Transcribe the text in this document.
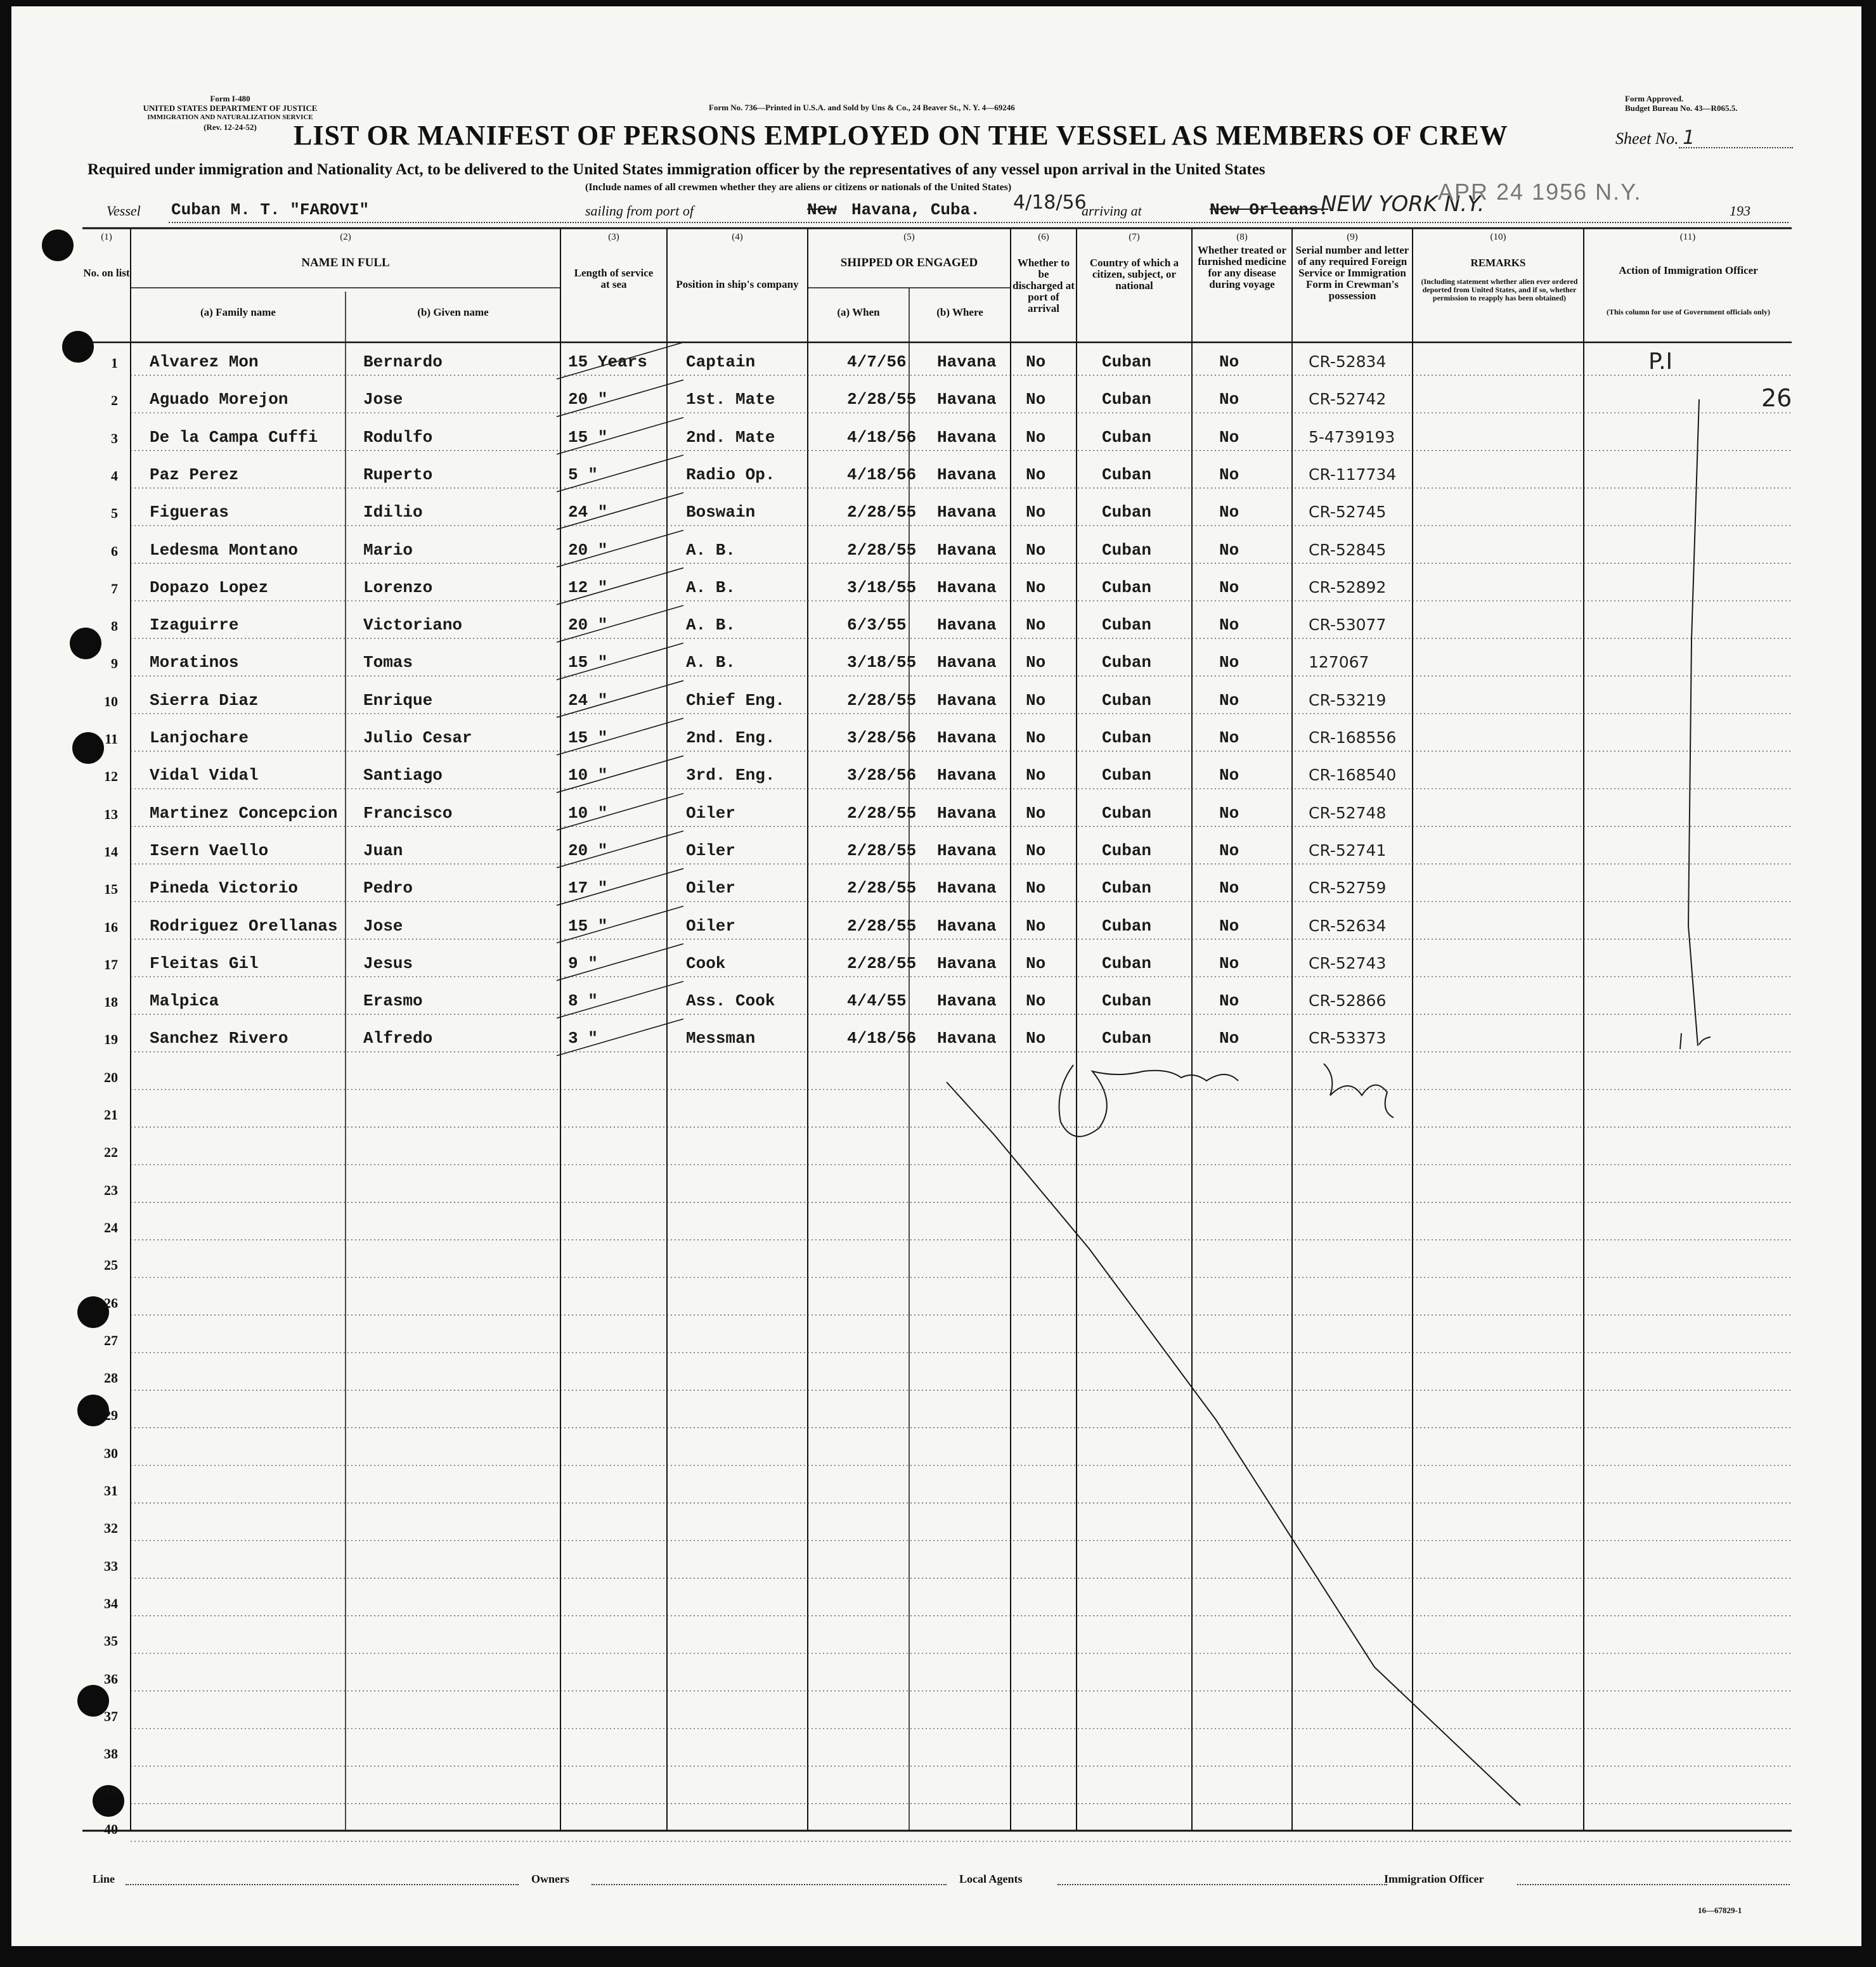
Form I-480
UNITED STATES DEPARTMENT OF JUSTICE
IMMIGRATION AND NATURALIZATION SERVICE
(Rev. 12-24-52)
Form No. 736—Printed in U.S.A. and Sold by Uns & Co., 24 Beaver St., N. Y. 4—69246
Form Approved.
Budget Bureau No. 43—R065.5.
LIST OR MANIFEST OF PERSONS EMPLOYED ON THE VESSEL AS MEMBERS OF CREW	Sheet No. 1
Required under immigration and Nationality Act, to be delivered to the United States immigration officer by the representatives of any vessel upon arrival in the United States
(Include names of all crewmen whether they are aliens or citizens or nationals of the United States)
Vessel Cuban M. T. "FAROVI"	sailing from port of	New Havana, Cuba. 4/18/56
arriving at	New Orleans.
NEW YORK N.Y.
APR 24 1956 N.Y.
193
(1)	(2)	(3)	(4)	(5)	(6)	(7)	(8)	(9)	(10)	(11)
No. on list
NAME IN FULL
(a) Family name	(b) Given name
Length of service at sea	Position in ship's company
SHIPPED OR ENGAGED
(a) When	(b) Where
Whether to be discharged at port of arrival
Country of which a citizen, subject, or national
Whether treated or furnished medicine for any disease during voyage
Serial number and letter of any required Foreign Service or Immigration Form in Crewman's possession
REMARKS
(Including statement whether alien ever ordered deported from United States, and if so, whether permission to reapply has been obtained)
Action of Immigration Officer
(This column for use of Government officials only)
1 Alvarez Mon	Bernardo	15 Years Captain	4/7/56 Havana No	Cuban	No	CR-52834
2 Aguado Morejon	Jose	20 "	1st. Mate	2/28/55 Havana No	Cuban	No	CR-52742
3 De la Campa Cuffi	Rodulfo	15 "	2nd. Mate	4/18/56 Havana No	Cuban	No	5-4739193
4 Paz Perez	Ruperto	5 "	Radio Op.	4/18/56 Havana No	Cuban	No	CR-117734
5 Figueras	Idilio	24 "	Boswain	2/28/55 Havana No	Cuban	No	CR-52745
6 Ledesma Montano	Mario	20 "	A. B.	2/28/55 Havana No	Cuban	No	CR-52845
7 Dopazo Lopez	Lorenzo	12 "	A. B.	3/18/55 Havana No	Cuban	No	CR-52892
8 Izaguirre	Victoriano	20 "	A. B.	6/3/55 Havana No	Cuban	No	CR-53077
9 Moratinos	Tomas	15 "	A. B.	3/18/55 Havana No	Cuban	No	127067
10 Sierra Diaz	Enrique	24 "	Chief Eng.	2/28/55 Havana No	Cuban	No	CR-53219
11 Lanjochare	Julio Cesar	15 "	2nd. Eng.	3/28/56 Havana No	Cuban	No	CR-168556
12 Vidal Vidal	Santiago	10 "	3rd. Eng.	3/28/56 Havana No	Cuban	No	CR-168540
13 Martinez Concepcion Francisco	10 "	Oiler	2/28/55 Havana No	Cuban	No	CR-52748
14 Isern Vaello	Juan	20 "	Oiler	2/28/55 Havana No	Cuban	No	CR-52741
15 Pineda Victorio	Pedro	17 "	Oiler	2/28/55 Havana No	Cuban	No	CR-52759
16 Rodriguez Orellanas Jose	15 "	Oiler	2/28/55 Havana No	Cuban	No	CR-52634
17 Fleitas Gil	Jesus	9 "	Cook	2/28/55 Havana No	Cuban	No	CR-52743
18 Malpica	Erasmo	8 "	Ass. Cook	4/4/55 Havana No	Cuban	No	CR-52866
19 Sanchez Rivero	Alfredo	3 "	Messman	4/18/56 Havana No	Cuban	No	CR-53373
20
21
22
23
24
25
26
27
28
29
30
31
32
33
34
35
36
37
38
39
40
P.I
26
Line	Owners	Local Agents	Immigration Officer
16—67829-1
